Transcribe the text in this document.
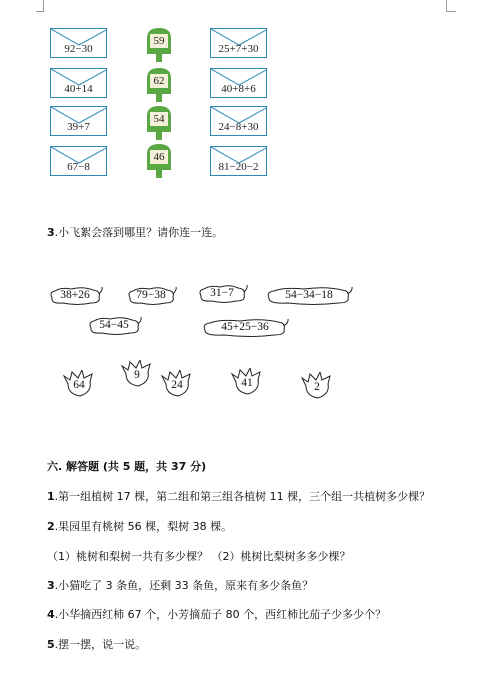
92−30
40+14
39+7
67−8
59
62
54
46
25+7+30
40+8+6
24−8+30
81−20−2
3.小飞絮会落到哪里？请你连一连。
38+26	79−38	31−7	54−34−18
54−45	45+25−36
64
9
24	41	2
六. 解答题 (共 5 题，共 37 分)
1.第一组植树 17 棵，第二组和第三组各植树 11 棵，三个组一共植树多少棵？
2.果园里有桃树 56 棵，梨树 38 棵。
（1）桃树和梨树一共有多少棵？ （2）桃树比梨树多多少棵？
3.小猫吃了 3 条鱼，还剩 33 条鱼，原来有多少条鱼？
4.小华摘西红柿 67 个，小芳摘茄子 80 个，西红柿比茄子少多少个？
5.摆一摆，说一说。
